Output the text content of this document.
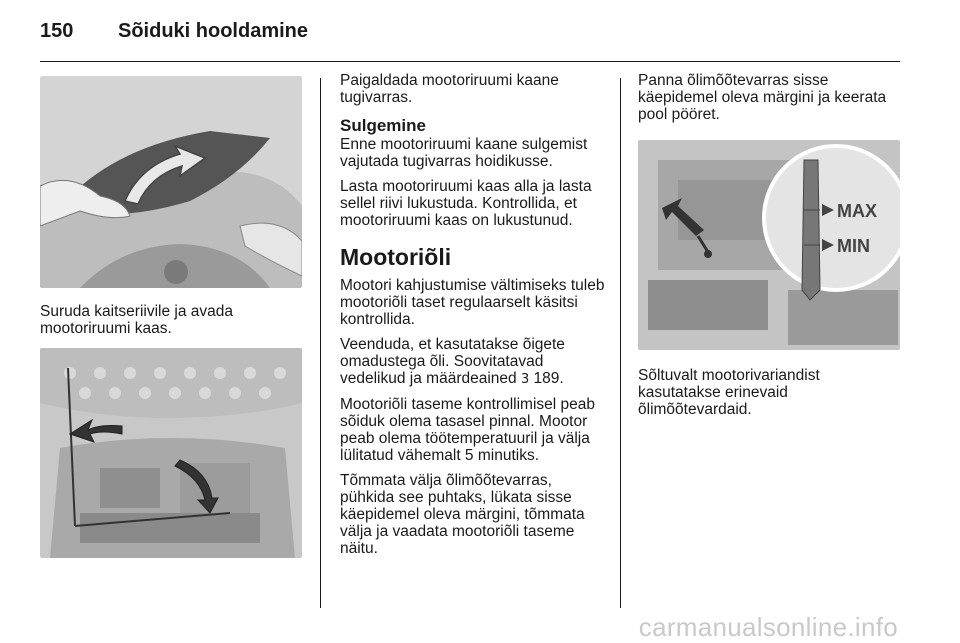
150 Sõiduki hooldamine
Suruda kaitseriivile ja avada mootoriruumi kaas.

Paigaldada mootoriruumi kaane tugivarras.

Sulgemine

Enne mootoriruumi kaane sulgemist vajutada tugivarras hoidikusse.

Lasta mootoriruumi kaas alla ja lasta sellel riivi lukustuda. Kontrollida, et mootoriruumi kaas on lukustunud.

Mootoriõli

Mootori kahjustumise vältimiseks tuleb mootoriõli taset regulaarselt käsitsi kontrollida.

Veenduda, et kasutatakse õigete omadustega õli. Soovitatavad vedelikud ja määrdeained 3 189.

Mootoriõli taseme kontrollimisel peab sõiduk olema tasasel pinnal. Mootor peab olema töötemperatuuril ja välja lülitatud vähemalt 5 minutiks.

Tõmmata välja õlimõõtevarras, pühkida see puhtaks, lükata sisse käepidemel oleva märgini, tõmmata välja ja vaadata mootoriõli taseme näitu.

Panna õlimõõtevarras sisse käepidemel oleva märgini ja keerata pool pööret.

MAX
MIN
Sõltuvalt mootorivariandist kasutatakse erinevaid õlimõõtevardaid.
carmanualsonline.info
